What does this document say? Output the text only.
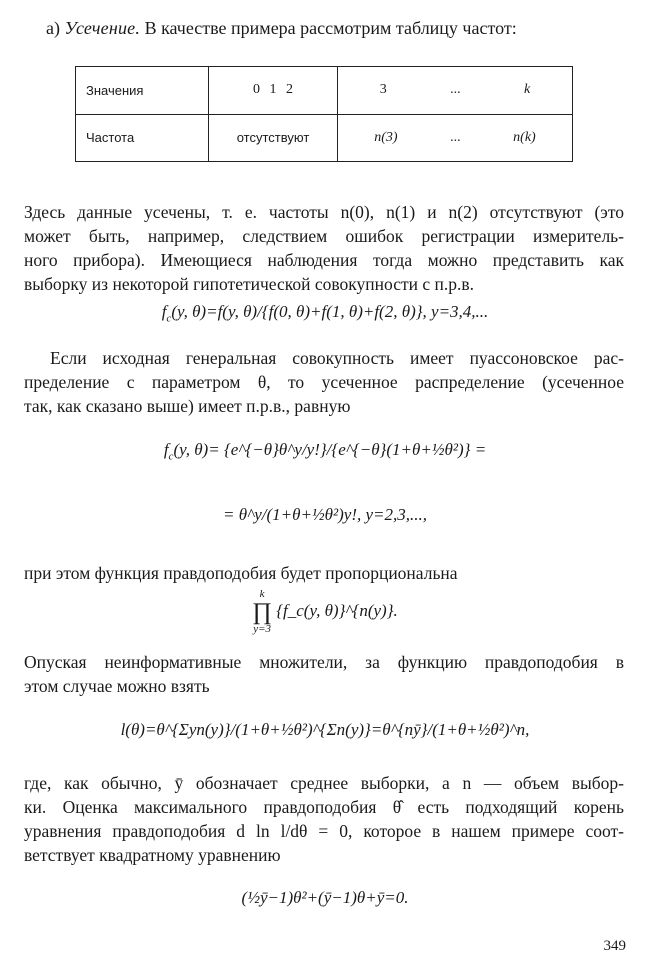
а) Усечение. В качестве примера рассмотрим таблицу частот:
Значения	0 1 2	3 ... k

Частота	отсутствуют	n(3) ... n(k)
Здесь данные усечены, т. е. частоты n(0), n(1) и n(2) отсутствуют (это
может быть, например, следствием ошибок регистрации измеритель-
ного прибора). Имеющиеся наблюдения тогда можно представить как
выборку из некоторой гипотетической совокупности с п.р.в.
$f_c(y$, θ)=f(y, θ)/{f(0, θ)+f(1, θ)+f(2, θ)}, y=3,4,...
Если исходная генеральная совокупность имеет пуассоновское рас-
пределение с параметром θ, то усеченное распределение (усеченное
так, как сказано выше) имеет п.р.в., равную
$f_c(y$, θ)= {e^{−θ}θ^y/y!}/{e^{−θ}(1+θ+½θ²)} =
= θ^y/(1+θ+½θ²)y!, y=2,3,...,
при этом функция правдоподобия будет пропорциональна
k
∏
y=3
{f_c(y, θ)}^{n(y)}.
Опуская неинформативные множители, за функцию правдоподобия в
этом случае можно взять
l(θ)=θ^{Σyn(y)}/(1+θ+½θ²)^{Σn(y)}=θ^{nȳ}/(1+θ+½θ²)^n,
где, как обычно, ȳ обозначает среднее выборки, а n — объем выбор-
ки. Оценка максимального правдоподобия θ̂ есть подходящий корень
уравнения правдоподобия d ln l/dθ = 0, которое в нашем примере соот-
ветствует квадратному уравнению
(½ȳ−1)θ²+(ȳ−1)θ+ȳ=0.
349
